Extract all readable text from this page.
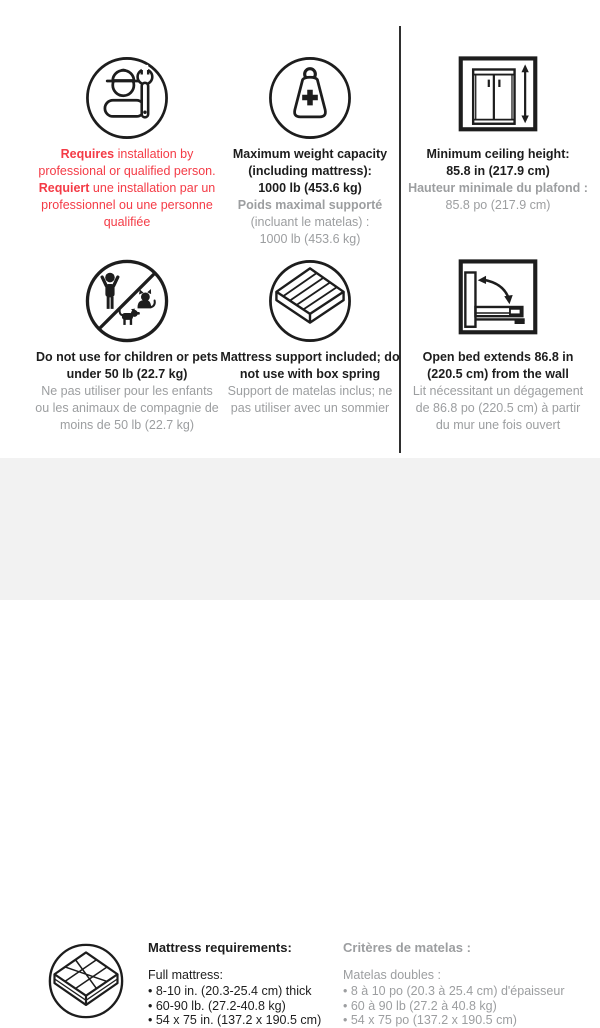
Requires installation by
professional or qualified person.
Requiert une installation par un
professionnel ou une personne
qualifiée
Maximum weight capacity
(including mattress):
1000 lb (453.6 kg)
Poids maximal supporté
(incluant le matelas) :
1000 lb (453.6 kg)
Minimum ceiling height:
85.8 in (217.9 cm)
Hauteur minimale du plafond :
85.8 po (217.9 cm)
Do not use for children or pets
under 50 lb (22.7 kg)
Ne pas utiliser pour les enfants
ou les animaux de compagnie de
moins de 50 lb (22.7 kg)
Mattress support included; do
not use with box spring
Support de matelas inclus; ne
pas utiliser avec un sommier
Open bed extends 86.8 in
(220.5 cm) from the wall
Lit nécessitant un dégagement
de 86.8 po (220.5 cm) à partir
du mur une fois ouvert
Mattress requirements:
Full mattress:
• 8-10 in. (20.3-25.4 cm) thick
• 60-90 lb. (27.2-40.8 kg)
• 54 x 75 in. (137.2 x 190.5 cm)
Critères de matelas :
Matelas doubles :
• 8 à 10 po (20.3 à 25.4 cm) d'épaisseur
• 60 à 90 lb (27.2 à 40.8 kg)
• 54 x 75 po (137.2 x 190.5 cm)
